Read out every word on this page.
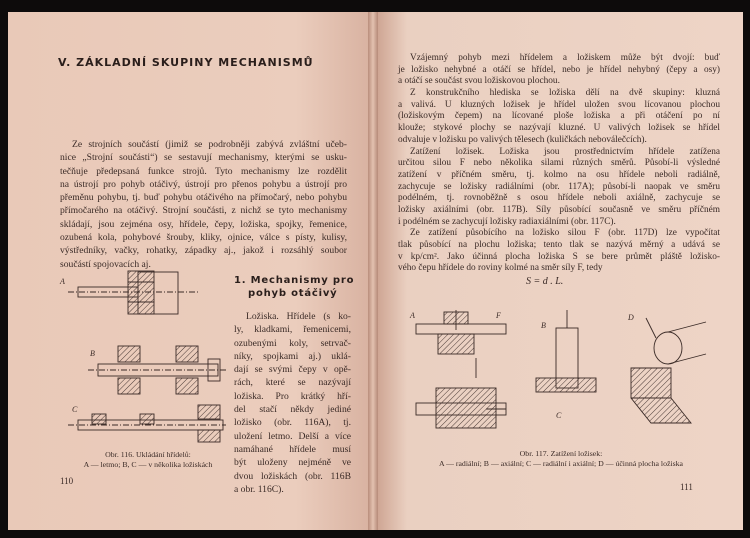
V. ZÁKLADNÍ SKUPINY MECHANISMŮ
Ze strojních součástí (jimiž se podrobněji zabývá zvláštní učeb-
nice „Strojní součásti“) se sestavují mechanismy, kterými se usku-
tečňuje předepsaná funkce strojů. Tyto mechanismy lze rozdělit
na ústrojí pro pohyb otáčivý, ústrojí pro přenos pohybu a ústrojí pro
přeměnu pohybu, tj. buď pohybu otáčivého na přímočarý, nebo pohybu
přímočarého na otáčivý. Strojní součásti, z nichž se tyto mechanismy
skládají, jsou zejména osy, hřídele, čepy, ložiska, spojky, řemenice,
ozubená kola, pohybové šrouby, kliky, ojnice, válce s písty, kulisy,
výstředníky, vačky, rohatky, západky aj., jakož i rozsáhlý soubor
součástí spojovacích aj.
1. Mechanismy pro
pohyb otáčivý
Ložiska. Hřídele (s ko-
ly, kladkami, řemenicemi,
ozubenými koly, setrvač-
níky, spojkami aj.) uklá-
dají se svými čepy v opě-
rách, které se nazývají
ložiska. Pro krátký hří-
del stačí někdy jediné
ložisko (obr. 116A), tj.
uložení letmo. Delší a více
namáhané hřídele musí
být uloženy nejméně ve
dvou ložiskách (obr. 116B
a obr. 116C).
A
B
C
Obr. 116. Ukládání hřídelů:
A — letmo; B, C — v několika ložiskách
110
Vzájemný pohyb mezi hřídelem a ložiskem může být dvojí: buď
je ložisko nehybné a otáčí se hřídel, nebo je hřídel nehybný (čepy a osy)
a otáčí se součást svou ložiskovou plochou.
Z konstrukčního hlediska se ložiska dělí na dvě skupiny: kluzná
a valivá. U kluzných ložisek je hřídel uložen svou lícovanou plochou
(ložiskovým čepem) na lícované ploše ložiska a při otáčení po ní
klouže; stykové plochy se nazývají kluzné. U valivých ložisek se hřídel
odvaluje v ložisku po valivých tělesech (kuličkách neboválečcích).
Zatížení ložisek. Ložiska jsou prostřednictvím hřídele zatížena
určitou silou F nebo několika silami různých směrů. Působí-li výsledné
zatížení v příčném směru, tj. kolmo na osu hřídele neboli radiálně,
zachycuje se ložisky radiálními (obr. 117A); působí-li naopak ve směru
podélném, tj. rovnoběžně s osou hřídele neboli axiálně, zachycuje se
ložisky axiálními (obr. 117B). Síly působící současně ve směru příčném
i podélném se zachycují ložisky radiaxiálními (obr. 117C).
Ze zatížení působícího na ložisko silou F (obr. 117D) lze vypočítat
tlak působící na plochu ložiska; tento tlak se nazývá měrný a udává se
v kp/cm². Jako účinná plocha ložiska S se bere průmět pláště ložisko-
vého čepu hřídele do roviny kolmé na směr síly F, tedy
S = d . L.
A	F
B
C
D
Obr. 117. Zatížení ložisek:
A — radiální; B — axiální; C — radiální i axiální; D — účinná plocha ložiska
111
